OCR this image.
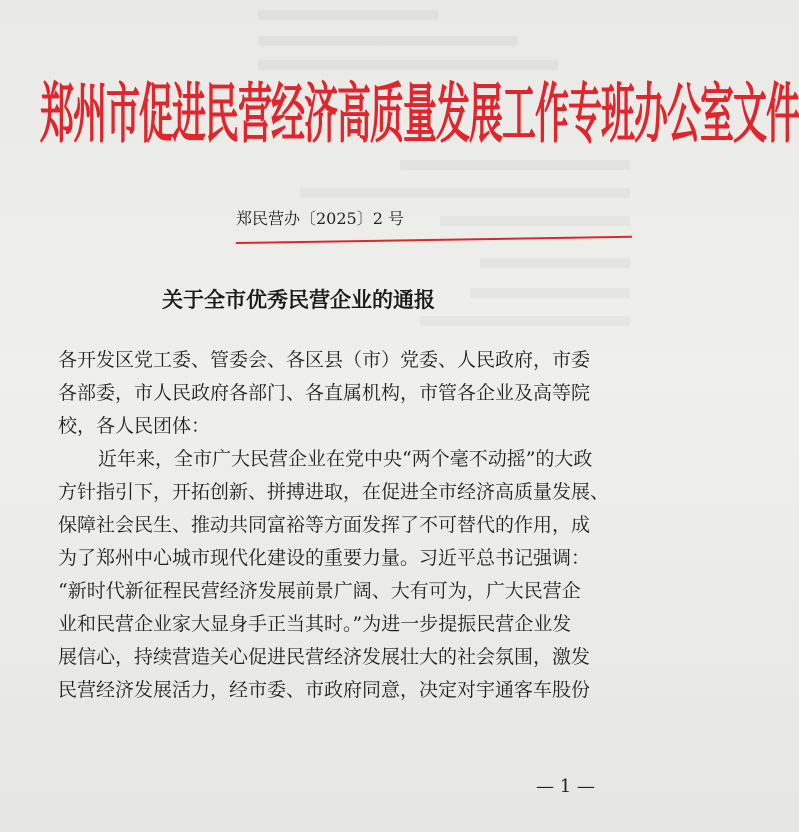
郑州市促进民营经济高质量发展工作专班办公室文件
郑民营办〔2025〕2 号
关于全市优秀民营企业的通报
各开发区党工委、管委会、各区县（市）党委、人民政府，市委
各部委，市人民政府各部门、各直属机构，市管各企业及高等院
校，各人民团体：
近年来，全市广大民营企业在党中央“两个毫不动摇”的大政
方针指引下，开拓创新、拼搏进取，在促进全市经济高质量发展、
保障社会民生、推动共同富裕等方面发挥了不可替代的作用，成
为了郑州中心城市现代化建设的重要力量。习近平总书记强调：
“新时代新征程民营经济发展前景广阔、大有可为，广大民营企
业和民营企业家大显身手正当其时。”为进一步提振民营企业发
展信心，持续营造关心促进民营经济发展壮大的社会氛围，激发
民营经济发展活力，经市委、市政府同意，决定对宇通客车股份
— 1 —
